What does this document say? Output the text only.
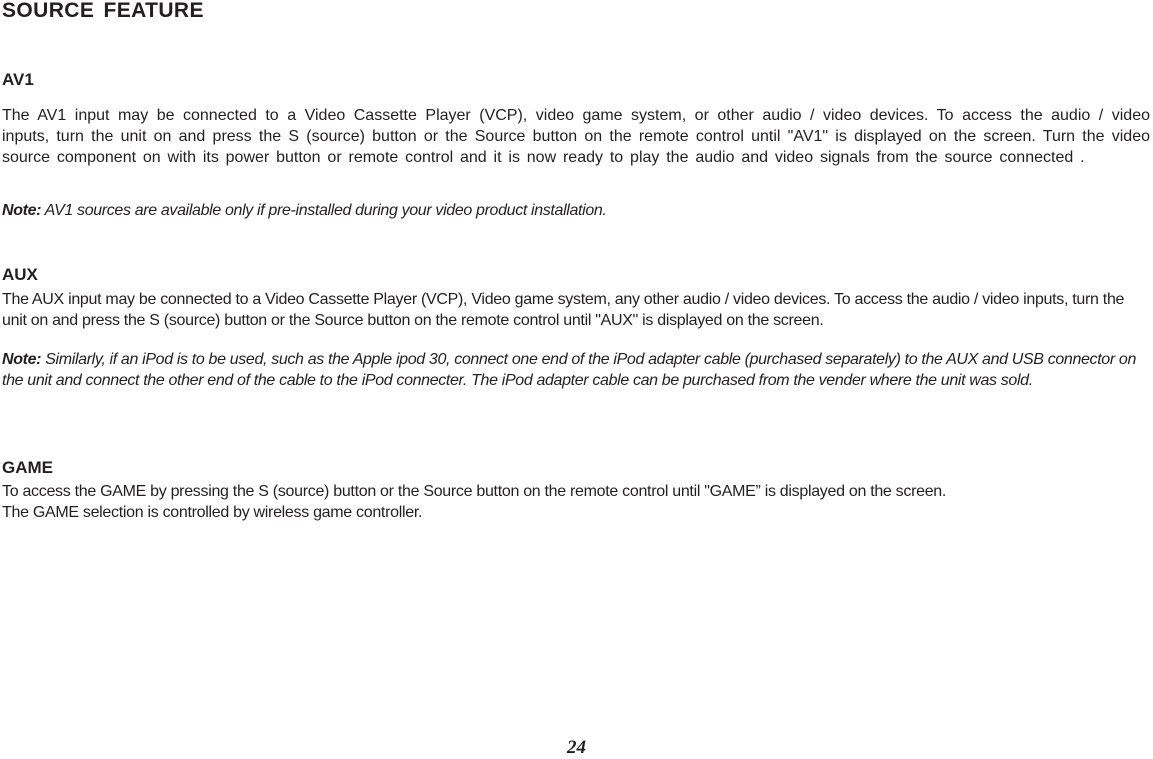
SOURCE FEATURE
AV1

The AV1 input may be connected to a Video Cassette Player (VCP), video game system, or other audio / video devices. To access the audio / video inputs, turn the unit on and press the S (source) button or the Source button on the remote control until "AV1" is displayed on the screen. Turn the video source component on with its power button or remote control and it is now ready to play the audio and video signals from the source connected .

Note: AV1 sources are available only if pre-installed during your video product installation.

AUX

The AUX input may be connected to a Video Cassette Player (VCP), Video game system, any other audio / video devices. To access the audio / video inputs, turn the unit on and press the S (source) button or the Source button on the remote control until "AUX" is displayed on the screen.

Note: Similarly, if an iPod is to be used, such as the Apple ipod 30, connect one end of the iPod adapter cable (purchased separately) to the AUX and USB connector on the unit and connect the other end of the cable to the iPod connecter. The iPod adapter cable can be purchased from the vender where the unit was sold.

GAME

To access the GAME by pressing the S (source) button or the Source button on the remote control until "GAME” is displayed on the screen.
The GAME selection is controlled by wireless game controller.

24
